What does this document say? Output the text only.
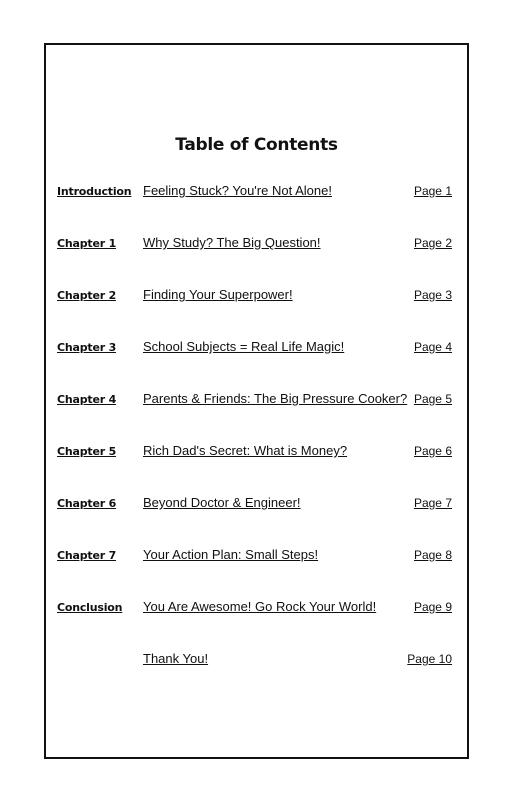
Table of Contents
Introduction Feeling Stuck? You're Not Alone!	Page 1
Chapter 1 Why Study? The Big Question!	Page 2
Chapter 2 Finding Your Superpower!	Page 3
Chapter 3 School Subjects = Real Life Magic!	Page 4
Chapter 4 Parents & Friends: The Big Pressure Cooker? Page 5
Chapter 5 Rich Dad's Secret: What is Money?	Page 6
Chapter 6 Beyond Doctor & Engineer!	Page 7
Chapter 7 Your Action Plan: Small Steps!	Page 8
Conclusion You Are Awesome! Go Rock Your World!	Page 9
Thank You!	Page 10
